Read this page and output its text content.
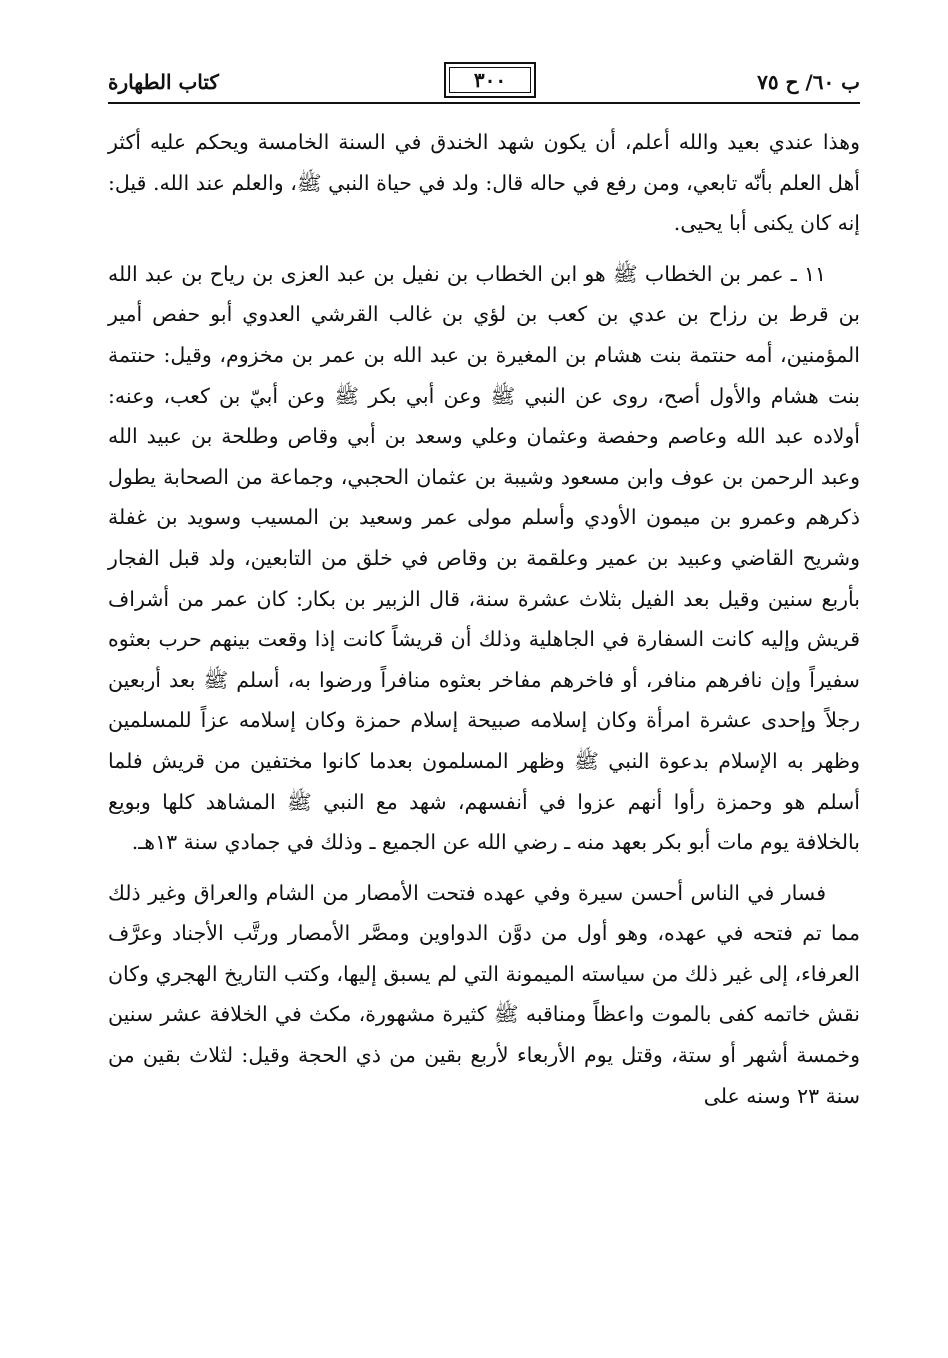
كتاب الطهارة	٣٠٠	ب ٦٠/ ح ٧٥

وهذا عندي بعيد والله أعلم، أن يكون شهد الخندق في السنة الخامسة ويحكم عليه أكثر أهل العلم بأنّه تابعي، ومن رفع في حاله قال: ولد في حياة النبي ﷺ، والعلم عند الله. قيل: إنه كان يكنى أبا يحيى.

١١ ـ عمر بن الخطاب ﷺ هو ابن الخطاب بن نفيل بن عبد العزى بن رياح بن عبد الله بن قرط بن رزاح بن عدي بن كعب بن لؤي بن غالب القرشي العدوي أبو حفص أمير المؤمنين، أمه حنتمة بنت هشام بن المغيرة بن عبد الله بن عمر بن مخزوم، وقيل: حنتمة بنت هشام والأول أصح، روى عن النبي ﷺ وعن أبي بكر ﷺ وعن أبيّ بن كعب، وعنه: أولاده عبد الله وعاصم وحفصة وعثمان وعلي وسعد بن أبي وقاص وطلحة بن عبيد الله وعبد الرحمن بن عوف وابن مسعود وشيبة بن عثمان الحجبي، وجماعة من الصحابة يطول ذكرهم وعمرو بن ميمون الأودي وأسلم مولى عمر وسعيد بن المسيب وسويد بن غفلة وشريح القاضي وعبيد بن عمير وعلقمة بن وقاص في خلق من التابعين، ولد قبل الفجار بأربع سنين وقيل بعد الفيل بثلاث عشرة سنة، قال الزبير بن بكار: كان عمر من أشراف قريش وإليه كانت السفارة في الجاهلية وذلك أن قريشاً كانت إذا وقعت بينهم حرب بعثوه سفيراً وإن نافرهم منافر، أو فاخرهم مفاخر بعثوه منافراً ورضوا به، أسلم ﷺ بعد أربعين رجلاً وإحدى عشرة امرأة وكان إسلامه صبيحة إسلام حمزة وكان إسلامه عزاً للمسلمين وظهر به الإسلام بدعوة النبي ﷺ وظهر المسلمون بعدما كانوا مختفين من قريش فلما أسلم هو وحمزة رأوا أنهم عزوا في أنفسهم، شهد مع النبي ﷺ المشاهد كلها وبويع بالخلافة يوم مات أبو بكر بعهد منه ـ رضي الله عن الجميع ـ وذلك في جمادي سنة ١٣هـ.

فسار في الناس أحسن سيرة وفي عهده فتحت الأمصار من الشام والعراق وغير ذلك مما تم فتحه في عهده، وهو أول من دوَّن الدواوين ومصَّر الأمصار ورتَّب الأجناد وعرَّف العرفاء، إلى غير ذلك من سياسته الميمونة التي لم يسبق إليها، وكتب التاريخ الهجري وكان نقش خاتمه كفى بالموت واعظاً ومناقبه ﷺ كثيرة مشهورة، مكث في الخلافة عشر سنين وخمسة أشهر أو ستة، وقتل يوم الأربعاء لأربع بقين من ذي الحجة وقيل: لثلاث بقين من سنة ٢٣ وسنه على
